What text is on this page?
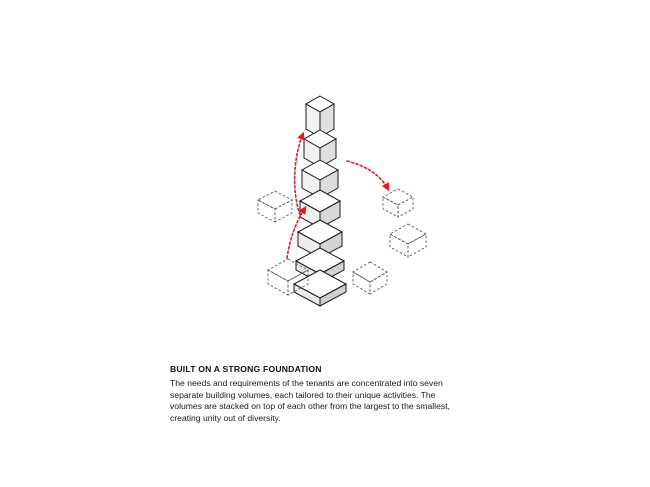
BUILT ON A STRONG FOUNDATION

The needs and requirements of the tenants are concentrated into seven separate building volumes, each tailored to their unique activities. The volumes are stacked on top of each other from the largest to the smallest, creating unity out of diversity.
